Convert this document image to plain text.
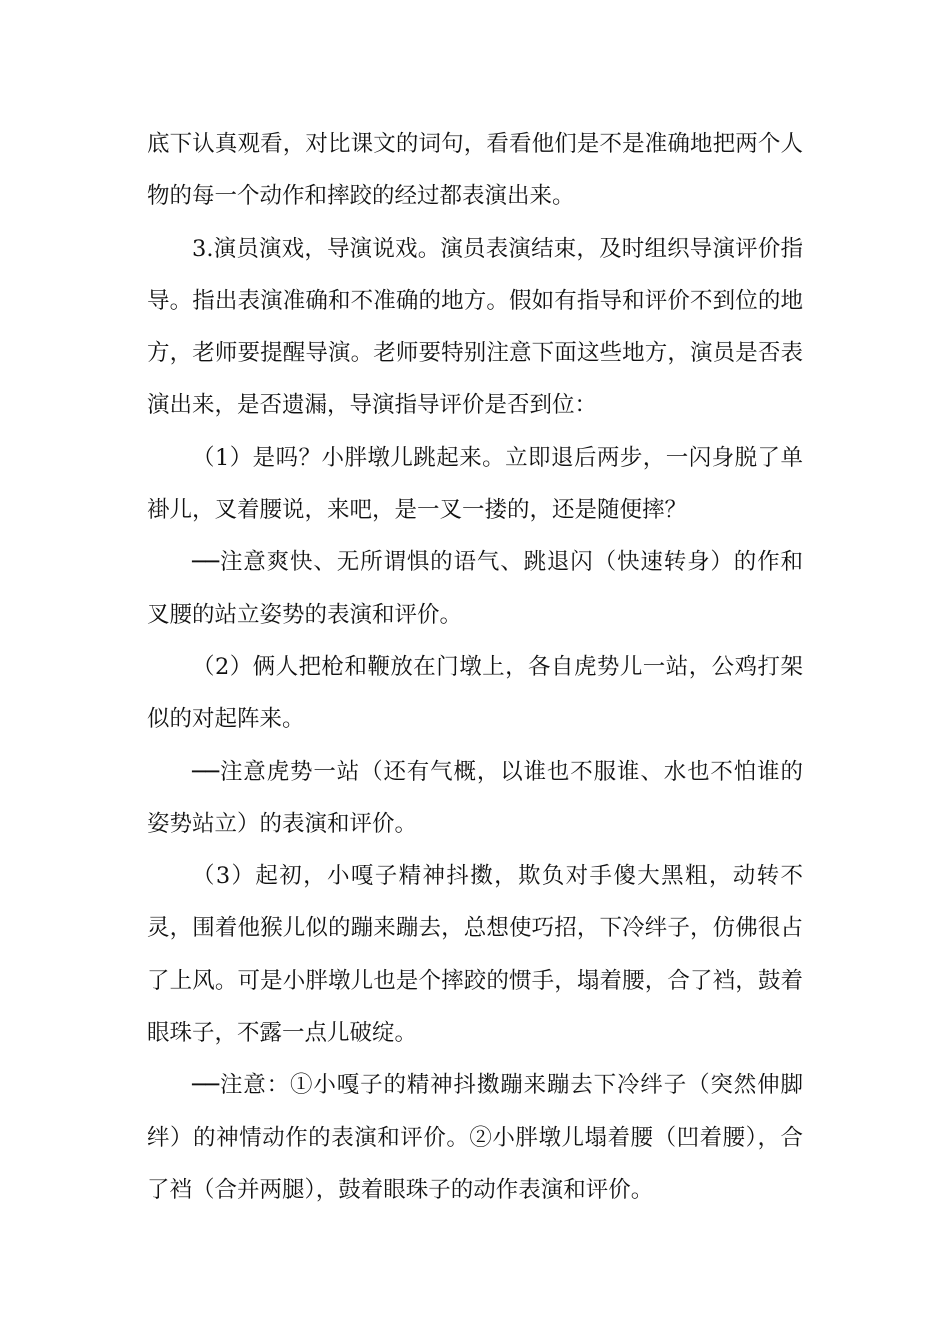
底下认真观看，对比课文的词句，看看他们是不是准确地把两个人物的每一个动作和摔跤的经过都表演出来。

3.演员演戏，导演说戏。演员表演结束，及时组织导演评价指导。指出表演准确和不准确的地方。假如有指导和评价不到位的地方，老师要提醒导演。老师要特别注意下面这些地方，演员是否表演出来，是否遗漏，导演指导评价是否到位：

（1）是吗？小胖墩儿跳起来。立即退后两步，一闪身脱了单褂儿，叉着腰说，来吧，是一叉一搂的，还是随便摔？

──注意爽快、无所谓惧的语气、跳退闪（快速转身）的作和叉腰的站立姿势的表演和评价。

（2）俩人把枪和鞭放在门墩上，各自虎势儿一站，公鸡打架似的对起阵来。

──注意虎势一站（还有气概，以谁也不服谁、水也不怕谁的姿势站立）的表演和评价。

（3）起初，小嘎子精神抖擞，欺负对手傻大黑粗，动转不灵，围着他猴儿似的蹦来蹦去，总想使巧招，下冷绊子，仿佛很占了上风。可是小胖墩儿也是个摔跤的惯手，塌着腰，合了裆，鼓着眼珠子，不露一点儿破绽。

──注意：①小嘎子的精神抖擞蹦来蹦去下冷绊子（突然伸脚绊）的神情动作的表演和评价。②小胖墩儿塌着腰（凹着腰），合了裆（合并两腿），鼓着眼珠子的动作表演和评价。
